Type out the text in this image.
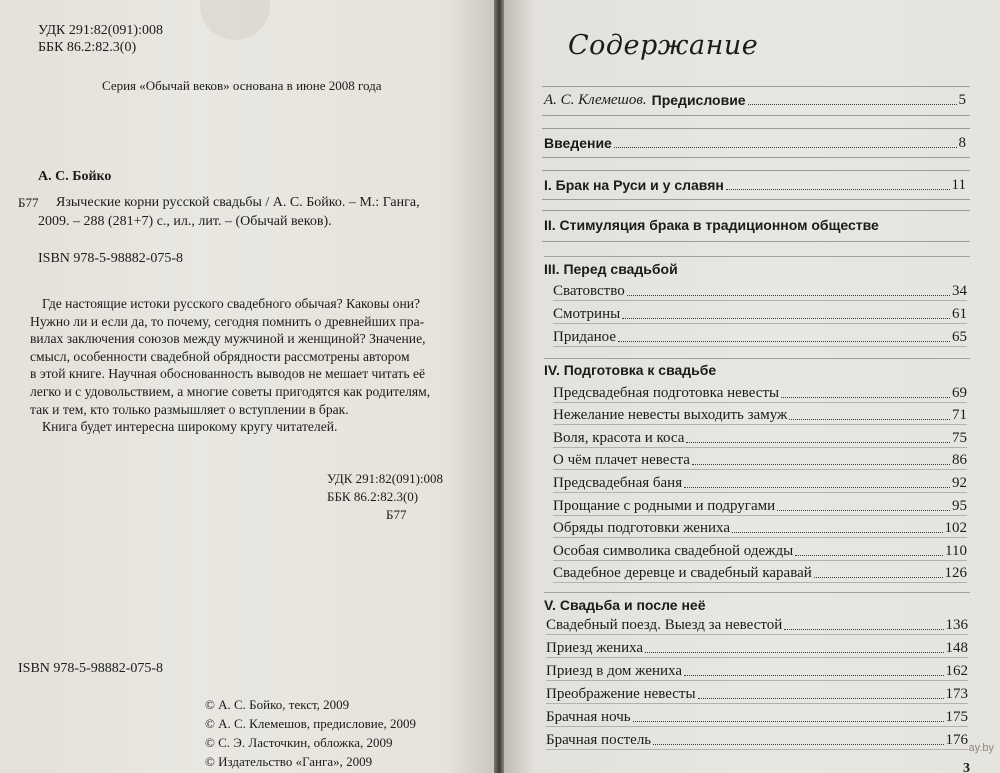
УДК 291:82(091):008
ББК 86.2:82.3(0)
Серия «Обычай веков» основана в июне 2008 года
А. С. Бойко
Б77 Языческие корни русской свадьбы / А. С. Бойко. – М.: Ганга,
2009. – 288 (281+7) с., ил., лит. – (Обычай веков).
ISBN 978-5-98882-075-8
Где настоящие истоки русского свадебного обычая? Каковы они?
Нужно ли и если да, то почему, сегодня помнить о древнейших пра-
вилах заключения союзов между мужчиной и женщиной? Значение,
смысл, особенности свадебной обрядности рассмотрены автором
в этой книге. Научная обоснованность выводов не мешает читать её
легко и с удовольствием, а многие советы пригодятся как родителям,
так и тем, кто только размышляет о вступлении в брак.
Книга будет интересна широкому кругу читателей.
УДК 291:82(091):008
ББК 86.2:82.3(0)
Б77
ISBN 978-5-98882-075-8
© А. С. Бойко, текст, 2009
© А. С. Клемешов, предисловие, 2009
© С. Э. Ласточкин, обложка, 2009
© Издательство «Ганга», 2009
Содержание
А. С. Клемешов. Предисловие	5
Введение	8
I. Брак на Руси и у славян	11
II. Стимуляция брака в традиционном обществе
III. Перед свадьбой
Сватовство	34
Смотрины	61
Приданое	65
IV. Подготовка к свадьбе
Предсвадебная подготовка невесты	69
Нежелание невесты выходить замуж	71
Воля, красота и коса	75
О чём плачет невеста	86
Предсвадебная баня	92
Прощание с родными и подругами	95
Обряды подготовки жениха	102
Особая символика свадебной одежды	110
Свадебное деревце и свадебный каравай	126
V. Свадьба и после неё
Свадебный поезд. Выезд за невестой	136
Приезд жениха	148
Приезд в дом жениха	162
Преображение невесты	173
Брачная ночь	175
Брачная постель	176
3
ay.by
